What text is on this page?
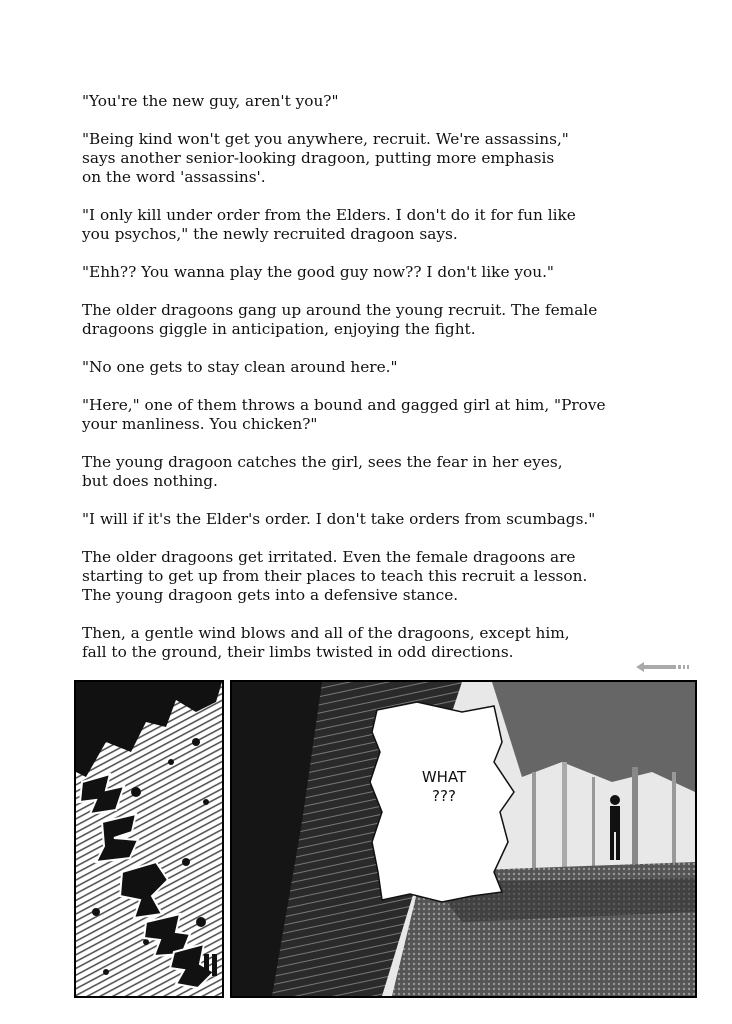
"You're the new guy, aren't you?"

"Being kind won't get you anywhere, recruit. We're assassins,"
says another senior-looking dragoon, putting more emphasis
on the word 'assassins'.

"I only kill under order from the Elders. I don't do it for fun like
you psychos," the newly recruited dragoon says.

"Ehh?? You wanna play the good guy now?? I don't like you."

The older dragoons gang up around the young recruit. The female
dragoons giggle in anticipation, enjoying the fight.

"No one gets to stay clean around here."

"Here," one of them throws a bound and gagged girl at him, "Prove
your manliness. You chicken?"

The young dragoon catches the girl, sees the fear in her eyes,
but does nothing.

"I will if it's the Elder's order. I don't take orders from scumbags."

The older dragoons get irritated. Even the female dragoons are
starting to get up from their places to teach this recruit a lesson.
The young dragoon gets into a defensive stance.

Then, a gentle wind blows and all of the dragoons, except him,
fall to the ground, their limbs twisted in odd directions.

WHAT
???
